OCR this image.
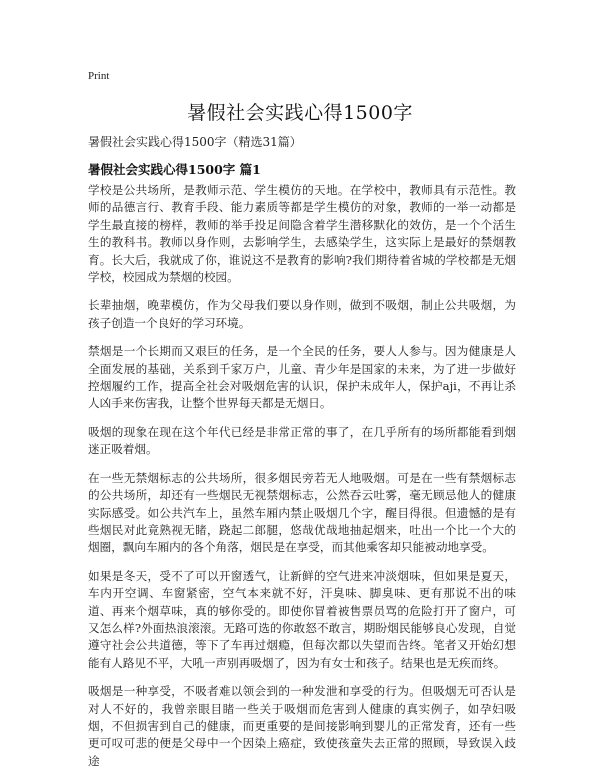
Print
暑假社会实践心得1500字
暑假社会实践心得1500字（精选31篇）
暑假社会实践心得1500字 篇1

学校是公共场所，是教师示范、学生模仿的天地。在学校中，教师具有示范性。教师的品德言行、教育手段、能力素质等都是学生模仿的对象，教师的一举一动都是学生最直接的榜样，教师的举手投足间隐含着学生潜移默化的效仿，是一个个活生生的教科书。教师以身作则，去影响学生，去感染学生，这实际上是最好的禁烟教育。长大后，我就成了你，谁说这不是教育的影响?我们期待着省城的学校都是无烟学校，校园成为禁烟的校园。

长辈抽烟，晚辈模仿，作为父母我们要以身作则，做到不吸烟，制止公共吸烟，为孩子创造一个良好的学习环境。

禁烟是一个长期而又艰巨的任务，是一个全民的任务，要人人参与。因为健康是人全面发展的基础，关系到千家万户，儿童、青少年是国家的未来，为了进一步做好控烟履约工作，提高全社会对吸烟危害的认识，保护未成年人，保护aji，不再让杀人凶手来伤害我，让整个世界每天都是无烟日。

吸烟的现象在现在这个年代已经是非常正常的事了，在几乎所有的场所都能看到烟迷正吸着烟。

在一些无禁烟标志的公共场所，很多烟民旁若无人地吸烟。可是在一些有禁烟标志的公共场所，却还有一些烟民无视禁烟标志，公然吞云吐雾，毫无顾忌他人的健康实际感受。如公共汽车上，虽然车厢内禁止吸烟几个字，醒目得很。但遗憾的是有些烟民对此竟熟视无睹，跷起二郎腿，悠哉优哉地抽起烟来，吐出一个比一个大的烟圈，飘向车厢内的各个角落，烟民是在享受，而其他乘客却只能被动地享受。

如果是冬天，受不了可以开窗透气，让新鲜的空气进来冲淡烟味，但如果是夏天，车内开空调、车窗紧密，空气本来就不好，汗臭味、脚臭味、更有那说不出的味道、再来个烟草味，真的够你受的。即使你冒着被售票员骂的危险打开了窗户，可又怎么样?外面热浪滚滚。无路可选的你敢怒不敢言，期盼烟民能够良心发现，自觉遵守社会公共道德，等下了车再过烟瘾，但每次都以失望而告终。笔者又开始幻想能有人路见不平，大吼一声别再吸烟了，因为有女士和孩子。结果也是无疾而终。

吸烟是一种享受，不吸者难以领会到的一种发泄和享受的行为。但吸烟无可否认是对人不好的，我曾亲眼目睹一些关于吸烟而危害到人健康的真实例子，如孕妇吸烟，不但损害到自己的健康，而更重要的是间接影响到婴儿的正常发育，还有一些更可叹可悲的便是父母中一个因染上癌症，致使孩童失去正常的照顾，导致误入歧途
